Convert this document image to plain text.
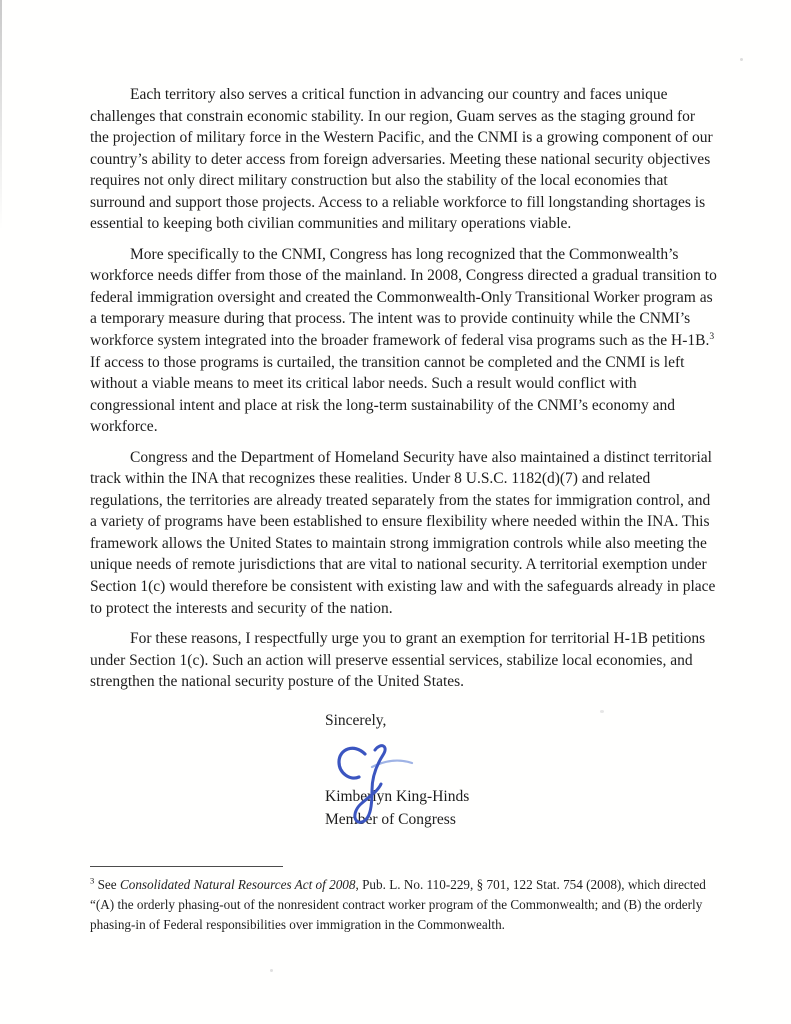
Each territory also serves a critical function in advancing our country and faces unique challenges that constrain economic stability. In our region, Guam serves as the staging ground for the projection of military force in the Western Pacific, and the CNMI is a growing component of our country’s ability to deter access from foreign adversaries. Meeting these national security objectives requires not only direct military construction but also the stability of the local economies that surround and support those projects. Access to a reliable workforce to fill longstanding shortages is essential to keeping both civilian communities and military operations viable.

More specifically to the CNMI, Congress has long recognized that the Commonwealth’s workforce needs differ from those of the mainland. In 2008, Congress directed a gradual transition to federal immigration oversight and created the Commonwealth-Only Transitional Worker program as a temporary measure during that process. The intent was to provide continuity while the CNMI’s workforce system integrated into the broader framework of federal visa programs such as the H-1B.$^3$ If access to those programs is curtailed, the transition cannot be completed and the CNMI is left without a viable means to meet its critical labor needs. Such a result would conflict with congressional intent and place at risk the long-term sustainability of the CNMI’s economy and workforce.

Congress and the Department of Homeland Security have also maintained a distinct territorial track within the INA that recognizes these realities. Under 8 U.S.C. 1182(d)(7) and related regulations, the territories are already treated separately from the states for immigration control, and a variety of programs have been established to ensure flexibility where needed within the INA. This framework allows the United States to maintain strong immigration controls while also meeting the unique needs of remote jurisdictions that are vital to national security. A territorial exemption under Section 1(c) would therefore be consistent with existing law and with the safeguards already in place to protect the interests and security of the nation.

For these reasons, I respectfully urge you to grant an exemption for territorial H-1B petitions under Section 1(c). Such an action will preserve essential services, stabilize local economies, and strengthen the national security posture of the United States.

Sincerely,
Kimberlyn King-Hinds
Member of Congress

$^3$ See Consolidated Natural Resources Act of 2008, Pub. L. No. 110-229, § 701, 122 Stat. 754 (2008), which directed “(A) the orderly phasing-out of the nonresident contract worker program of the Commonwealth; and (B) the orderly phasing-in of Federal responsibilities over immigration in the Commonwealth.
